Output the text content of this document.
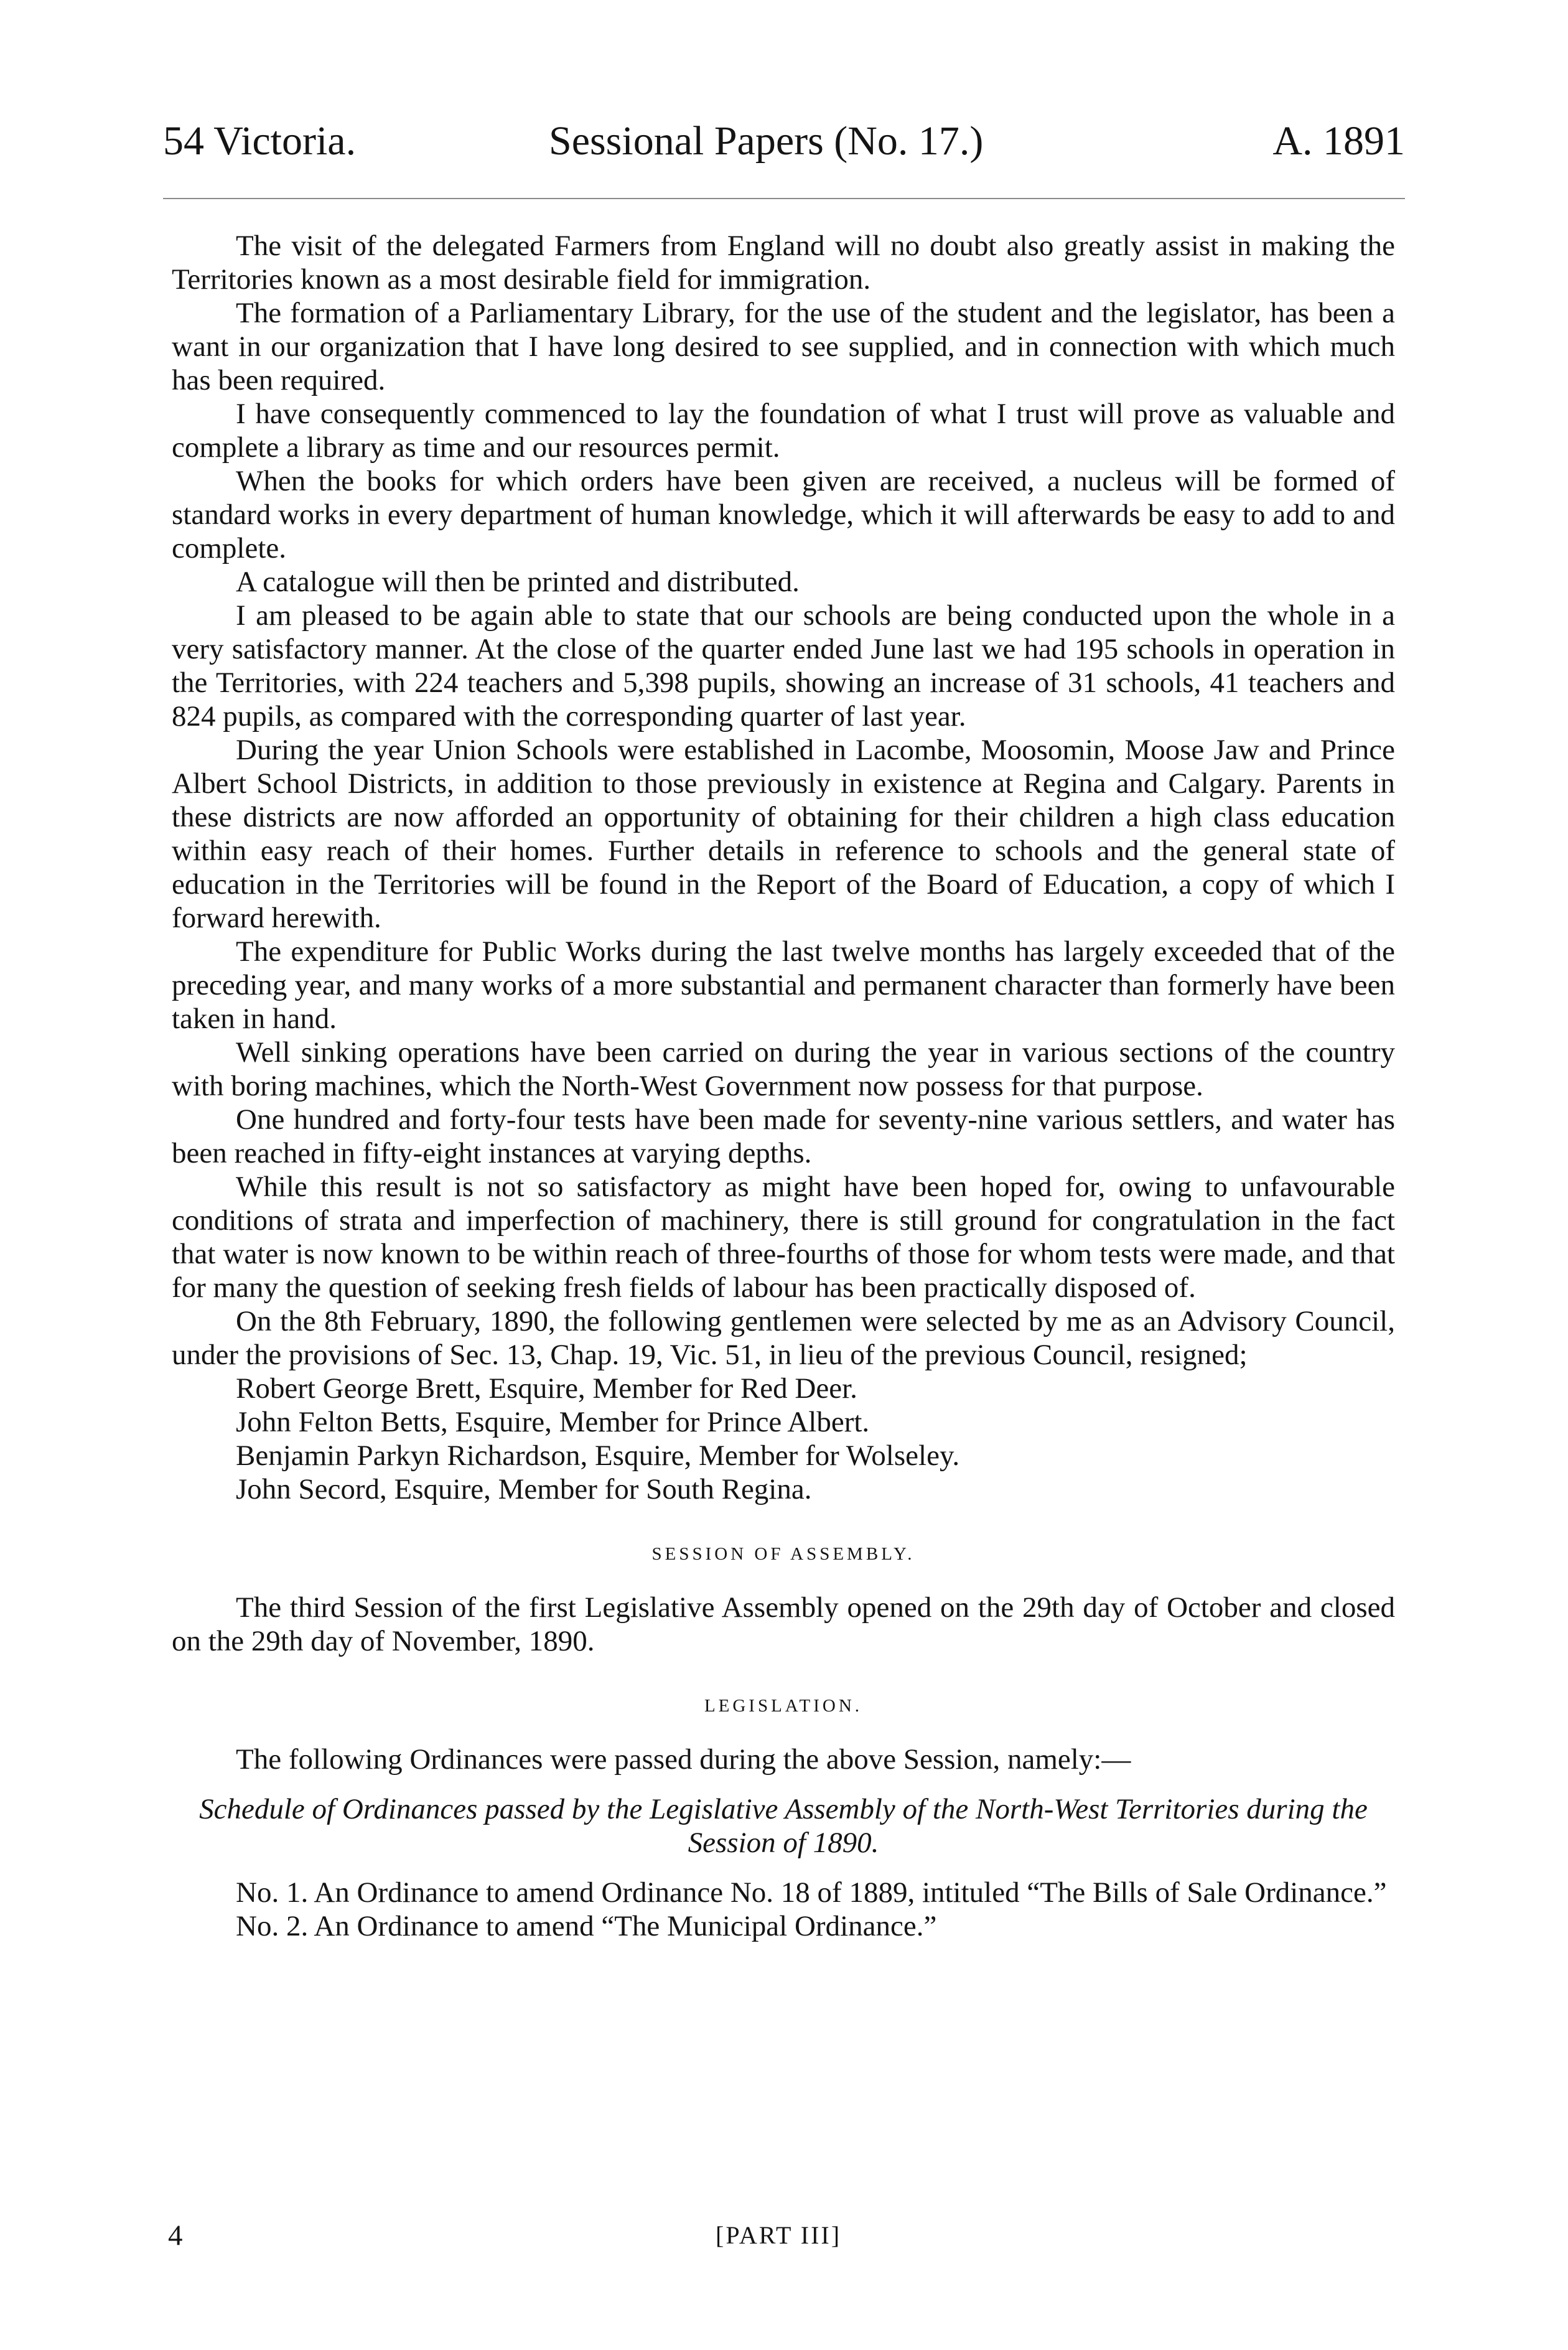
54 Victoria.	Sessional Papers (No. 17.)	A. 1891

The visit of the delegated Farmers from England will no doubt also greatly assist in making the Territories known as a most desirable field for immigration.

The formation of a Parliamentary Library, for the use of the student and the legislator, has been a want in our organization that I have long desired to see supplied, and in connection with which much has been required.

I have consequently commenced to lay the foundation of what I trust will prove as valuable and complete a library as time and our resources permit.

When the books for which orders have been given are received, a nucleus will be formed of standard works in every department of human knowledge, which it will afterwards be easy to add to and complete.

A catalogue will then be printed and distributed.

I am pleased to be again able to state that our schools are being conducted upon the whole in a very satisfactory manner. At the close of the quarter ended June last we had 195 schools in operation in the Territories, with 224 teachers and 5,398 pupils, showing an increase of 31 schools, 41 teachers and 824 pupils, as compared with the corresponding quarter of last year.

During the year Union Schools were established in Lacombe, Moosomin, Moose Jaw and Prince Albert School Districts, in addition to those previously in existence at Regina and Calgary. Parents in these districts are now afforded an opportunity of obtaining for their children a high class education within easy reach of their homes. Further details in reference to schools and the general state of education in the Territories will be found in the Report of the Board of Education, a copy of which I forward herewith.

The expenditure for Public Works during the last twelve months has largely exceeded that of the preceding year, and many works of a more substantial and permanent character than formerly have been taken in hand.

Well sinking operations have been carried on during the year in various sections of the country with boring machines, which the North-West Government now possess for that purpose.

One hundred and forty-four tests have been made for seventy-nine various settlers, and water has been reached in fifty-eight instances at varying depths.

While this result is not so satisfactory as might have been hoped for, owing to unfavourable conditions of strata and imperfection of machinery, there is still ground for congratulation in the fact that water is now known to be within reach of three-fourths of those for whom tests were made, and that for many the question of seeking fresh fields of labour has been practically disposed of.

On the 8th February, 1890, the following gentlemen were selected by me as an Advisory Council, under the provisions of Sec. 13, Chap. 19, Vic. 51, in lieu of the previous Council, resigned;

Robert George Brett, Esquire, Member for Red Deer.
John Felton Betts, Esquire, Member for Prince Albert.
Benjamin Parkyn Richardson, Esquire, Member for Wolseley.
John Secord, Esquire, Member for South Regina.
SESSION OF ASSEMBLY.

The third Session of the first Legislative Assembly opened on the 29th day of October and closed on the 29th day of November, 1890.

LEGISLATION.

The following Ordinances were passed during the above Session, namely:—

Schedule of Ordinances passed by the Legislative Assembly of the North-West Territories during the Session of 1890.

No. 1. An Ordinance to amend Ordinance No. 18 of 1889, intituled “The Bills of Sale Ordinance.”

No. 2. An Ordinance to amend “The Municipal Ordinance.”

4	[PART III]
